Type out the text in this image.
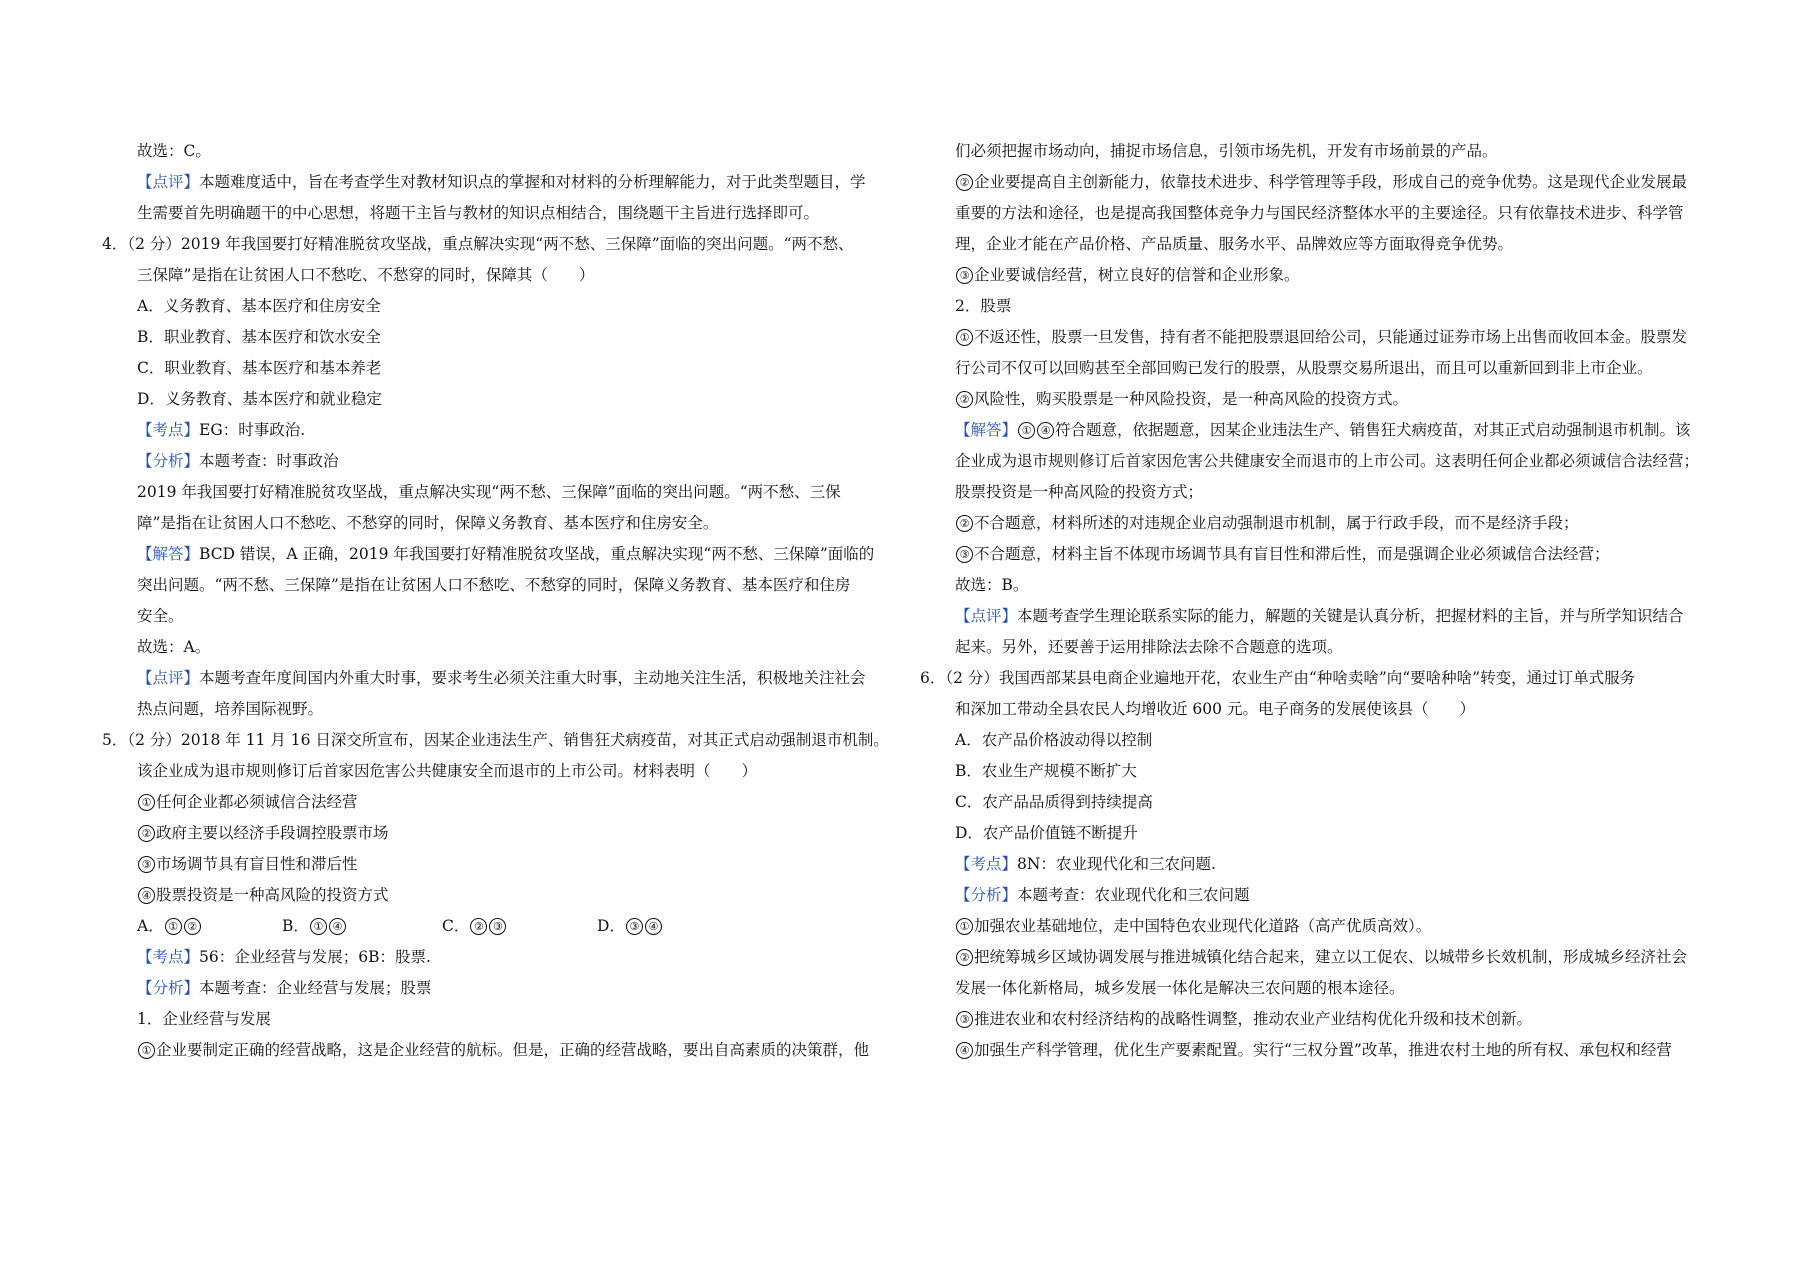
故选：C。
【点评】本题难度适中，旨在考查学生对教材知识点的掌握和对材料的分析理解能力，对于此类型题目，学
生需要首先明确题干的中心思想，将题干主旨与教材的知识点相结合，围绕题干主旨进行选择即可。
4．（2 分）2019 年我国要打好精准脱贫攻坚战，重点解决实现“两不愁、三保障”面临的突出问题。“两不愁、
三保障”是指在让贫困人口不愁吃、不愁穿的同时，保障其（　　）
A．义务教育、基本医疗和住房安全
B．职业教育、基本医疗和饮水安全
C．职业教育、基本医疗和基本养老
D．义务教育、基本医疗和就业稳定
【考点】EG：时事政治.
【分析】本题考查：时事政治
2019 年我国要打好精准脱贫攻坚战，重点解决实现“两不愁、三保障”面临的突出问题。“两不愁、三保
障”是指在让贫困人口不愁吃、不愁穿的同时，保障义务教育、基本医疗和住房安全。
【解答】BCD 错误，A 正确，2019 年我国要打好精准脱贫攻坚战，重点解决实现“两不愁、三保障”面临的
突出问题。“两不愁、三保障”是指在让贫困人口不愁吃、不愁穿的同时，保障义务教育、基本医疗和住房
安全。
故选：A。
【点评】本题考查年度间国内外重大时事，要求考生必须关注重大时事，主动地关注生活，积极地关注社会
热点问题，培养国际视野。
5．（2 分）2018 年 11 月 16 日深交所宣布，因某企业违法生产、销售狂犬病疫苗，对其正式启动强制退市机制。
该企业成为退市规则修订后首家因危害公共健康安全而退市的上市公司。材料表明（　　）
① 任何企业都必须诚信合法经营
② 政府主要以经济手段调控股票市场
③ 市场调节具有盲目性和滞后性
④ 股票投资是一种高风险的投资方式
A． ① ②	B． ① ④	C． ② ③	D． ③ ④
【考点】56：企业经营与发展；6B：股票.
【分析】本题考查：企业经营与发展；股票
1．企业经营与发展
① 企业要制定正确的经营战略，这是企业经营的航标。但是，正确的经营战略，要出自高素质的决策群，他
们必须把握市场动向，捕捉市场信息，引领市场先机，开发有市场前景的产品。
② 企业要提高自主创新能力，依靠技术进步、科学管理等手段，形成自己的竞争优势。这是现代企业发展最
重要的方法和途径，也是提高我国整体竞争力与国民经济整体水平的主要途径。只有依靠技术进步、科学管
理，企业才能在产品价格、产品质量、服务水平、品牌效应等方面取得竞争优势。
③ 企业要诚信经营，树立良好的信誉和企业形象。
2．股票
① 不返还性，股票一旦发售，持有者不能把股票退回给公司，只能通过证券市场上出售而收回本金。股票发
行公司不仅可以回购甚至全部回购已发行的股票，从股票交易所退出，而且可以重新回到非上市企业。
② 风险性，购买股票是一种风险投资，是一种高风险的投资方式。
【解答】 ① ④ 符合题意，依据题意，因某企业违法生产、销售狂犬病疫苗，对其正式启动强制退市机制。该
企业成为退市规则修订后首家因危害公共健康安全而退市的上市公司。这表明任何企业都必须诚信合法经营；
股票投资是一种高风险的投资方式；
② 不合题意，材料所述的对违规企业启动强制退市机制，属于行政手段，而不是经济手段；
③ 不合题意，材料主旨不体现市场调节具有盲目性和滞后性，而是强调企业必须诚信合法经营；
故选：B。
【点评】本题考查学生理论联系实际的能力，解题的关键是认真分析，把握材料的主旨，并与所学知识结合
起来。另外，还要善于运用排除法去除不合题意的选项。
6．（2 分）我国西部某县电商企业遍地开花，农业生产由“种啥卖啥”向“要啥种啥”转变，通过订单式服务
和深加工带动全县农民人均增收近 600 元。电子商务的发展使该县（　　）
A．农产品价格波动得以控制
B．农业生产规模不断扩大
C．农产品品质得到持续提高
D．农产品价值链不断提升
【考点】8N：农业现代化和三农问题.
【分析】本题考查：农业现代化和三农问题
① 加强农业基础地位，走中国特色农业现代化道路（高产优质高效）。
② 把统筹城乡区域协调发展与推进城镇化结合起来，建立以工促农、以城带乡长效机制，形成城乡经济社会
发展一体化新格局，城乡发展一体化是解决三农问题的根本途径。
③ 推进农业和农村经济结构的战略性调整，推动农业产业结构优化升级和技术创新。
④ 加强生产科学管理，优化生产要素配置。实行“三权分置”改革，推进农村土地的所有权、承包权和经营
